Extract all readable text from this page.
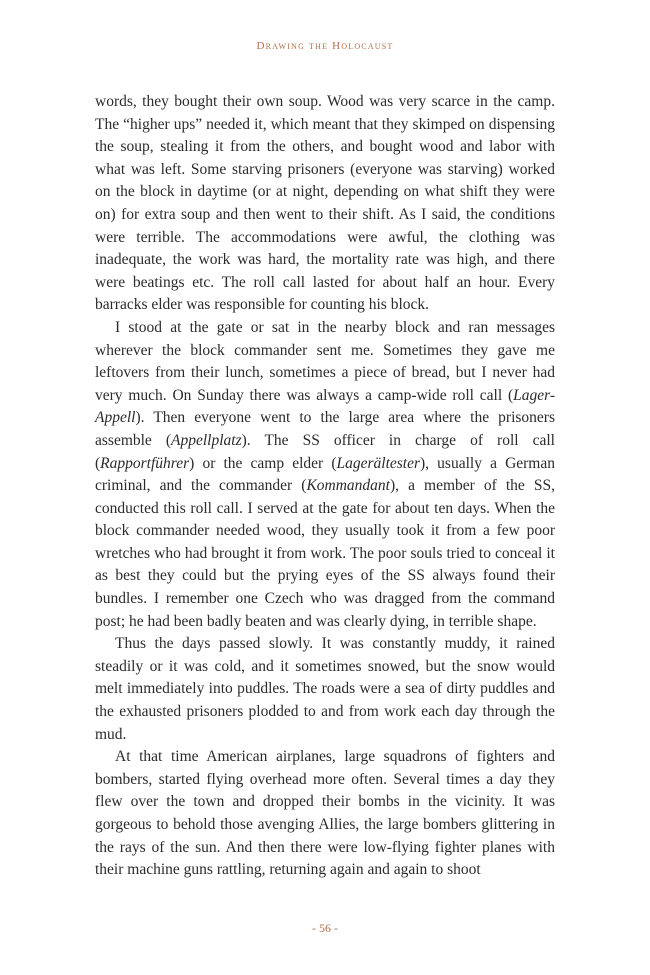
Drawing the Holocaust

words, they bought their own soup. Wood was very scarce in the camp. The “higher ups” needed it, which meant that they skimped on dispensing the soup, stealing it from the others, and bought wood and labor with what was left. Some starving prisoners (everyone was starving) worked on the block in daytime (or at night, depending on what shift they were on) for extra soup and then went to their shift. As I said, the conditions were terrible. The accommodations were awful, the clothing was inadequate, the work was hard, the mortality rate was high, and there were beatings etc. The roll call lasted for about half an hour. Every barracks elder was responsible for counting his block.

I stood at the gate or sat in the nearby block and ran messages wherever the block commander sent me. Sometimes they gave me leftovers from their lunch, sometimes a piece of bread, but I never had very much. On Sunday there was always a camp-wide roll call (Lager-Appell). Then everyone went to the large area where the prisoners assemble (Appellplatz). The SS officer in charge of roll call (Rapportführer) or the camp elder (Lagerältester), usually a German criminal, and the commander (Kommandant), a member of the SS, conducted this roll call. I served at the gate for about ten days. When the block commander needed wood, they usually took it from a few poor wretches who had brought it from work. The poor souls tried to conceal it as best they could but the prying eyes of the SS always found their bundles. I remember one Czech who was dragged from the command post; he had been badly beaten and was clearly dying, in terrible shape.

Thus the days passed slowly. It was constantly muddy, it rained steadily or it was cold, and it sometimes snowed, but the snow would melt immediately into puddles. The roads were a sea of dirty puddles and the exhausted prisoners plodded to and from work each day through the mud.

At that time American airplanes, large squadrons of fighters and bombers, started flying overhead more often. Several times a day they flew over the town and dropped their bombs in the vicinity. It was gorgeous to behold those avenging Allies, the large bombers glittering in the rays of the sun. And then there were low-flying fighter planes with their machine guns rattling, returning again and again to shoot

- 56 -
